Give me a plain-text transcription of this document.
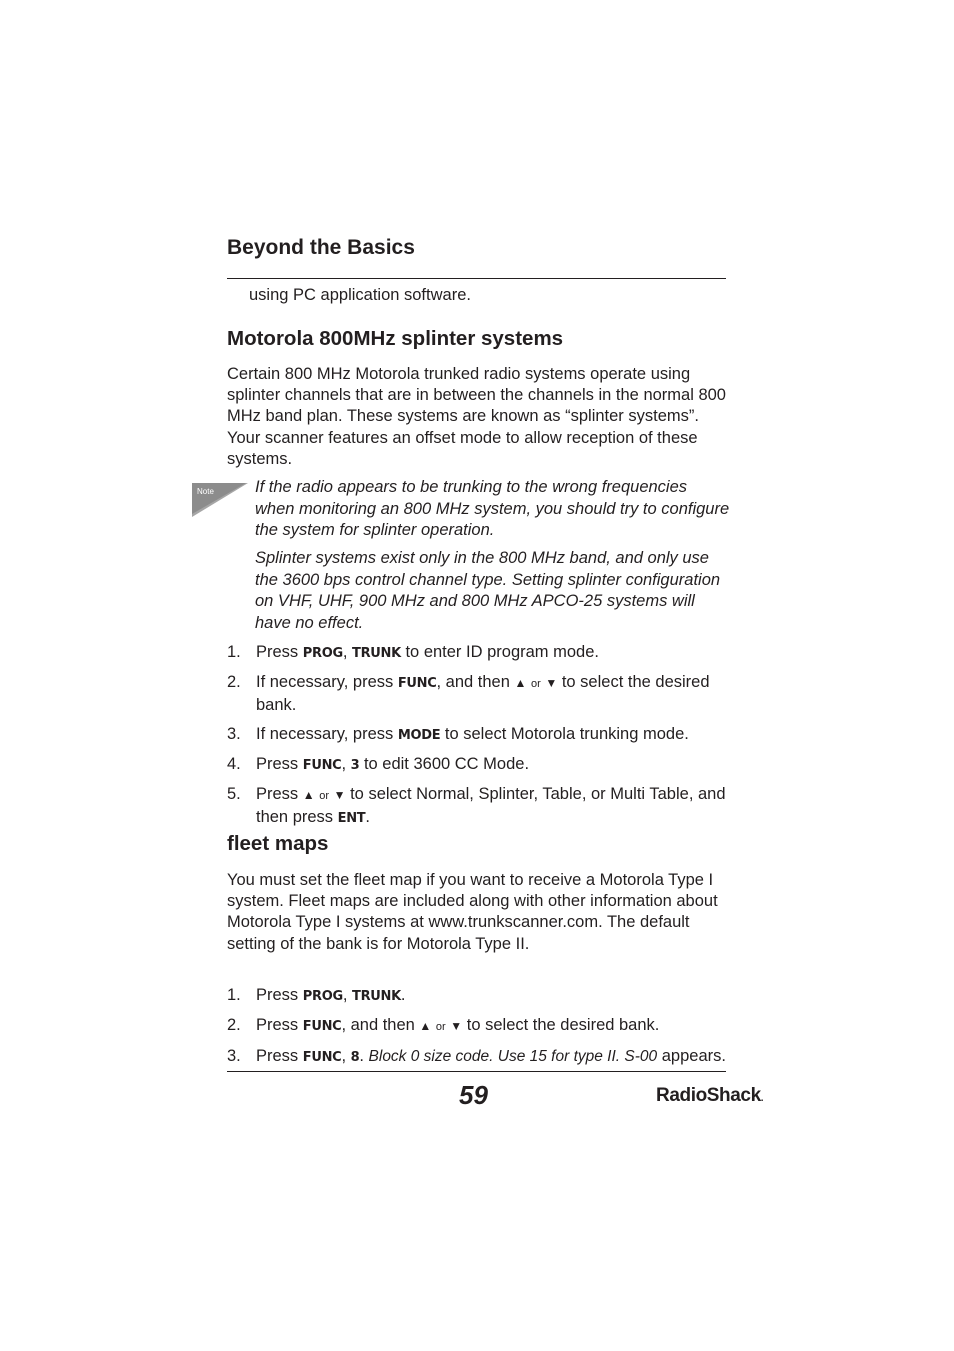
Beyond the Basics
using PC application software.
Motorola 800MHz splinter systems

Certain 800 MHz Motorola trunked radio systems operate using splinter channels that are in between the channels in the normal 800 MHz band plan. These systems are known as “splinter systems”. Your scanner features an offset mode to allow reception of these systems.

Note If the radio appears to be trunking to the wrong frequencies when monitoring an 800 MHz system, you should try to configure the system for splinter operation.

Splinter systems exist only in the 800 MHz band, and only use the 3600 bps control channel type. Setting splinter configuration on VHF, UHF, 900 MHz and 800 MHz APCO-25 systems will have no effect.

1. Press PROG, TRUNK to enter ID program mode.
2. If necessary, press FUNC, and then ▲ or ▼ to select the desired bank.
3. If necessary, press MODE to select Motorola trunking mode.
4. Press FUNC, 3 to edit 3600 CC Mode.
5. Press ▲ or ▼ to select Normal, Splinter, Table, or Multi Table, and then press ENT.
fleet maps

You must set the fleet map if you want to receive a Motorola Type I system. Fleet maps are included along with other information about Motorola Type I systems at www.trunkscanner.com. The default setting of the bank is for Motorola Type II.

1. Press PROG, TRUNK.
2. Press FUNC, and then ▲ or ▼ to select the desired bank.
3. Press FUNC, 8. Block 0 size code. Use 15 for type II. S-00 appears.
59	RadioShack.
